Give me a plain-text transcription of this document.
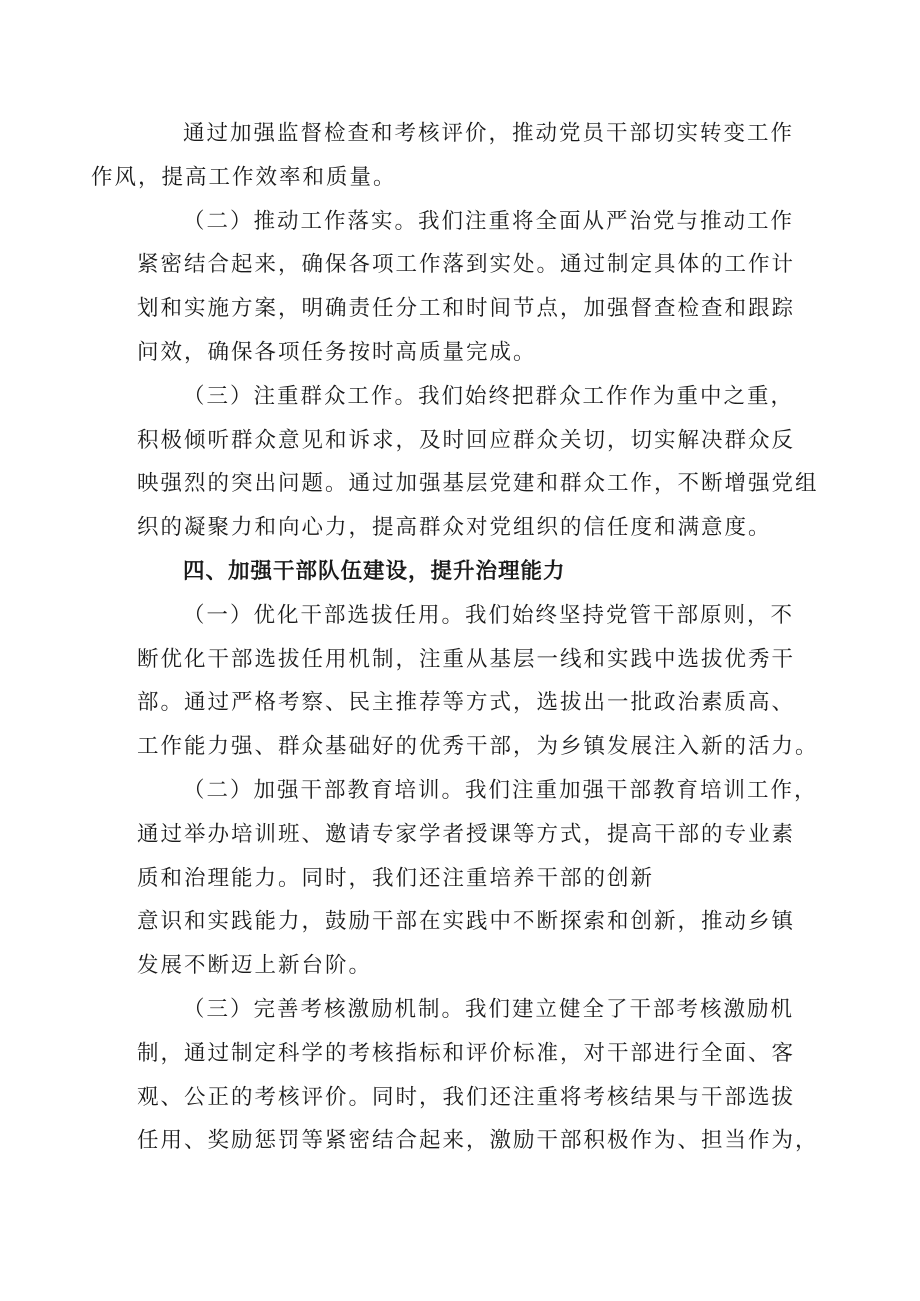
通过加强监督检查和考核评价，推动党员干部切实转变工作
作风，提高工作效率和质量。

（二）推动工作落实。我们注重将全面从严治党与推动工作
紧密结合起来，确保各项工作落到实处。通过制定具体的工作计
划和实施方案，明确责任分工和时间节点，加强督查检查和跟踪
问效，确保各项任务按时高质量完成。

（三）注重群众工作。我们始终把群众工作作为重中之重，
积极倾听群众意见和诉求，及时回应群众关切，切实解决群众反
映强烈的突出问题。通过加强基层党建和群众工作，不断增强党组
织的凝聚力和向心力，提高群众对党组织的信任度和满意度。

四、加强干部队伍建设，提升治理能力

（一）优化干部选拔任用。我们始终坚持党管干部原则，不
断优化干部选拔任用机制，注重从基层一线和实践中选拔优秀干
部。通过严格考察、民主推荐等方式，选拔出一批政治素质高、
工作能力强、群众基础好的优秀干部，为乡镇发展注入新的活力。

（二）加强干部教育培训。我们注重加强干部教育培训工作，
通过举办培训班、邀请专家学者授课等方式，提高干部的专业素
质和治理能力。同时，我们还注重培养干部的创新

意识和实践能力，鼓励干部在实践中不断探索和创新，推动乡镇
发展不断迈上新台阶。

（三）完善考核激励机制。我们建立健全了干部考核激励机
制，通过制定科学的考核指标和评价标准，对干部进行全面、客
观、公正的考核评价。同时，我们还注重将考核结果与干部选拔
任用、奖励惩罚等紧密结合起来，激励干部积极作为、担当作为，
